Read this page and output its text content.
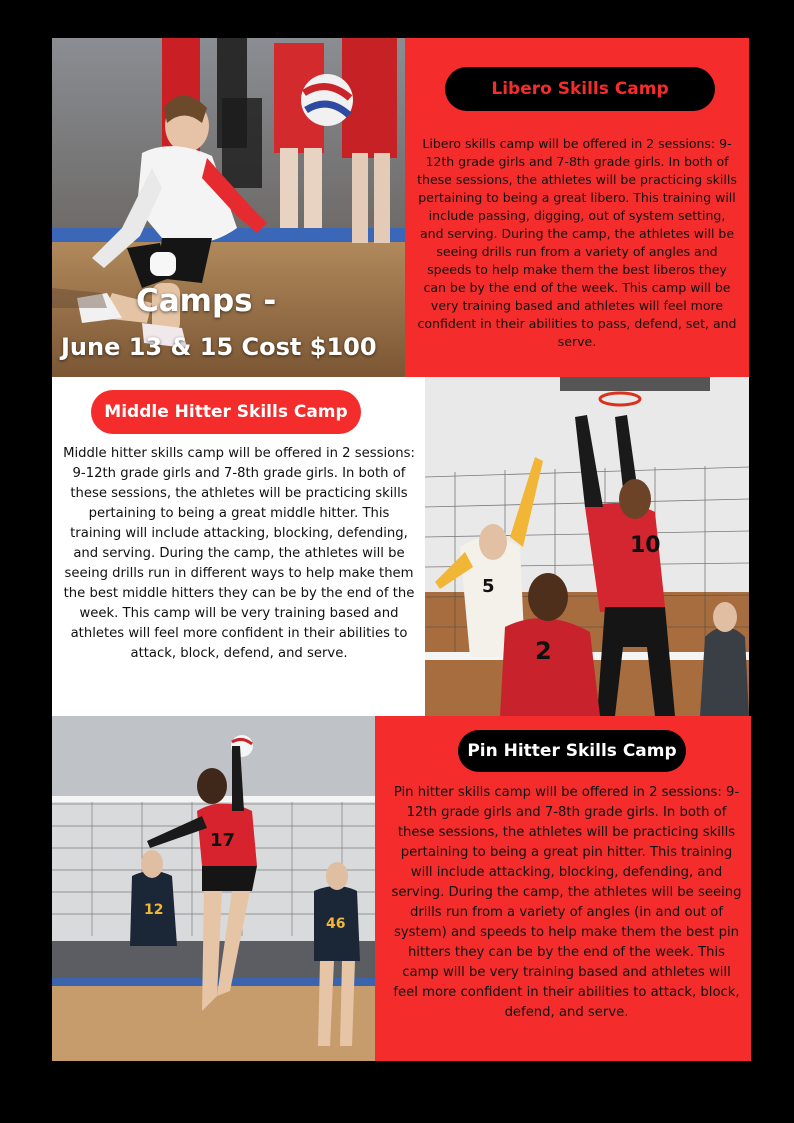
Camps -
June 13 & 15 Cost $100
Libero Skills Camp

Libero skills camp will be offered in 2 sessions: 9-12th grade girls and 7-8th grade girls. In both of these sessions, the athletes will be practicing skills pertaining to being a great libero. This training will include passing, digging, out of system setting, and serving. During the camp, the athletes will be seeing drills run from a variety of angles and speeds to help make them the best liberos they can be by the end of the week. This camp will be very training based and athletes will feel more confident in their abilities to pass, defend, set, and serve.

Middle Hitter Skills Camp

Middle hitter skills camp will be offered in 2 sessions: 9-12th grade girls and 7-8th grade girls. In both of these sessions, the athletes will be practicing skills pertaining to being a great middle hitter. This training will include attacking, blocking, defending, and serving. During the camp, the athletes will be seeing drills run in different ways to help make them the best middle hitters they can be by the end of the week. This camp will be very training based and athletes will feel more confident in their abilities to attack, block, defend, and serve.

5
10
2
17
12
46
Pin Hitter Skills Camp

Pin hitter skills camp will be offered in 2 sessions: 9-12th grade girls and 7-8th grade girls. In both of these sessions, the athletes will be practicing skills pertaining to being a great pin hitter. This training will include attacking, blocking, defending, and serving. During the camp, the athletes will be seeing drills run from a variety of angles (in and out of system) and speeds to help make them the best pin hitters they can be by the end of the week. This camp will be very training based and athletes will feel more confident in their abilities to attack, block, defend, and serve.
